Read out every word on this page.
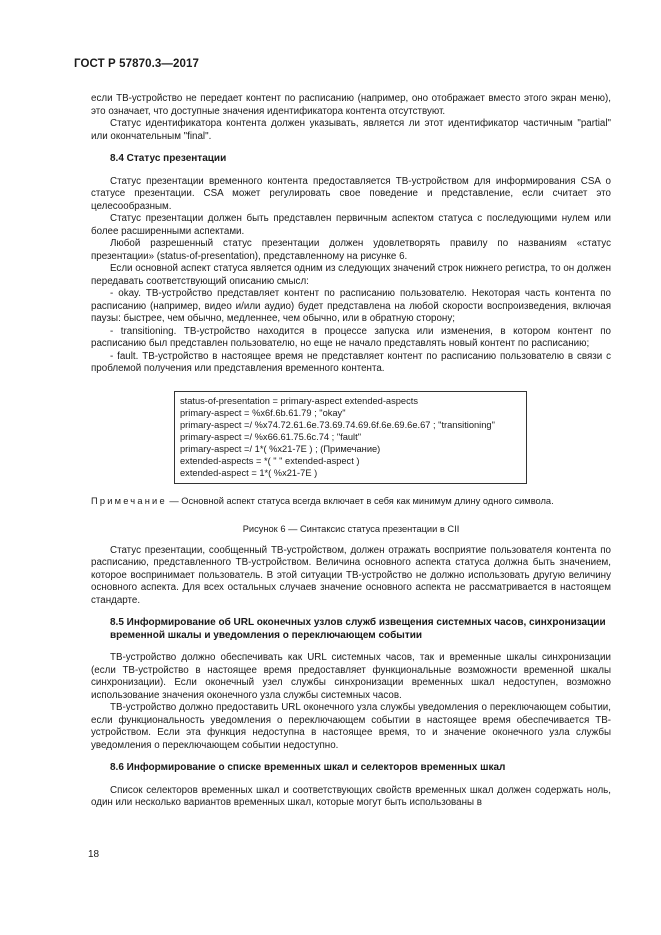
ГОСТ Р 57870.3—2017

если ТВ-устройство не передает контент по расписанию (например, оно отображает вместо этого экран меню), это означает, что доступные значения идентификатора контента отсутствуют.

Статус идентификатора контента должен указывать, является ли этот идентификатор частичным "partial" или окончательным "final".

8.4 Статус презентации

Статус презентации временного контента предоставляется ТВ-устройством для информирования CSA о статусе презентации. CSA может регулировать свое поведение и представление, если считает это целесообразным.

Статус презентации должен быть представлен первичным аспектом статуса с последующими нулем или более расширенными аспектами.

Любой разрешенный статус презентации должен удовлетворять правилу по названиям «статус презентации» (status-of-presentation), представленному на рисунке 6.

Если основной аспект статуса является одним из следующих значений строк нижнего регистра, то он должен передавать соответствующий описанию смысл:

- okay. ТВ-устройство представляет контент по расписанию пользователю. Некоторая часть контента по расписанию (например, видео и/или аудио) будет представлена на любой скорости воспроизведения, включая паузы: быстрее, чем обычно, медленнее, чем обычно, или в обратную сторону;

- transitioning. ТВ-устройство находится в процессе запуска или изменения, в котором контент по расписанию был представлен пользователю, но еще не начало представлять новый контент по расписанию;

- fault. ТВ-устройство в настоящее время не представляет контент по расписанию пользователю в связи с проблемой получения или представления временного контента.

status-of-presentation = primary-aspect extended-aspects
primary-aspect = %x6f.6b.61.79 ; "okay"
primary-aspect =/ %x74.72.61.6e.73.69.74.69.6f.6e.69.6e.67 ; "transitioning"
primary-aspect =/ %x66.61.75.6c.74 ; "fault"
primary-aspect =/ 1*( %x21-7E ) ; (Примечание)
extended-aspects = *( " " extended-aspect )
extended-aspect = 1*( %x21-7E )

Примечание — Основной аспект статуса всегда включает в себя как минимум длину одного символа.

Рисунок 6 — Синтаксис статуса презентации в CII

Статус презентации, сообщенный ТВ-устройством, должен отражать восприятие пользователя контента по расписанию, представленного ТВ-устройством. Величина основного аспекта статуса должна быть значением, которое воспринимает пользователь. В этой ситуации ТВ-устройство не должно использовать другую величину основного аспекта. Для всех остальных случаев значение основного аспекта не рассматривается в настоящем стандарте.

8.5 Информирование об URL оконечных узлов служб извещения системных часов, синхронизации временной шкалы и уведомления о переключающем событии

ТВ-устройство должно обеспечивать как URL системных часов, так и временные шкалы синхронизации (если ТВ-устройство в настоящее время предоставляет функциональные возможности временной шкалы синхронизации). Если оконечный узел службы синхронизации временных шкал недоступен, возможно использование значения оконечного узла службы системных часов.

ТВ-устройство должно предоставить URL оконечного узла службы уведомления о переключающем событии, если функциональность уведомления о переключающем событии в настоящее время обеспечивается ТВ-устройством. Если эта функция недоступна в настоящее время, то и значение оконечного узла службы уведомления о переключающем событии недоступно.

8.6 Информирование о списке временных шкал и селекторов временных шкал

Список селекторов временных шкал и соответствующих свойств временных шкал должен содержать ноль, один или несколько вариантов временных шкал, которые могут быть использованы в

18
